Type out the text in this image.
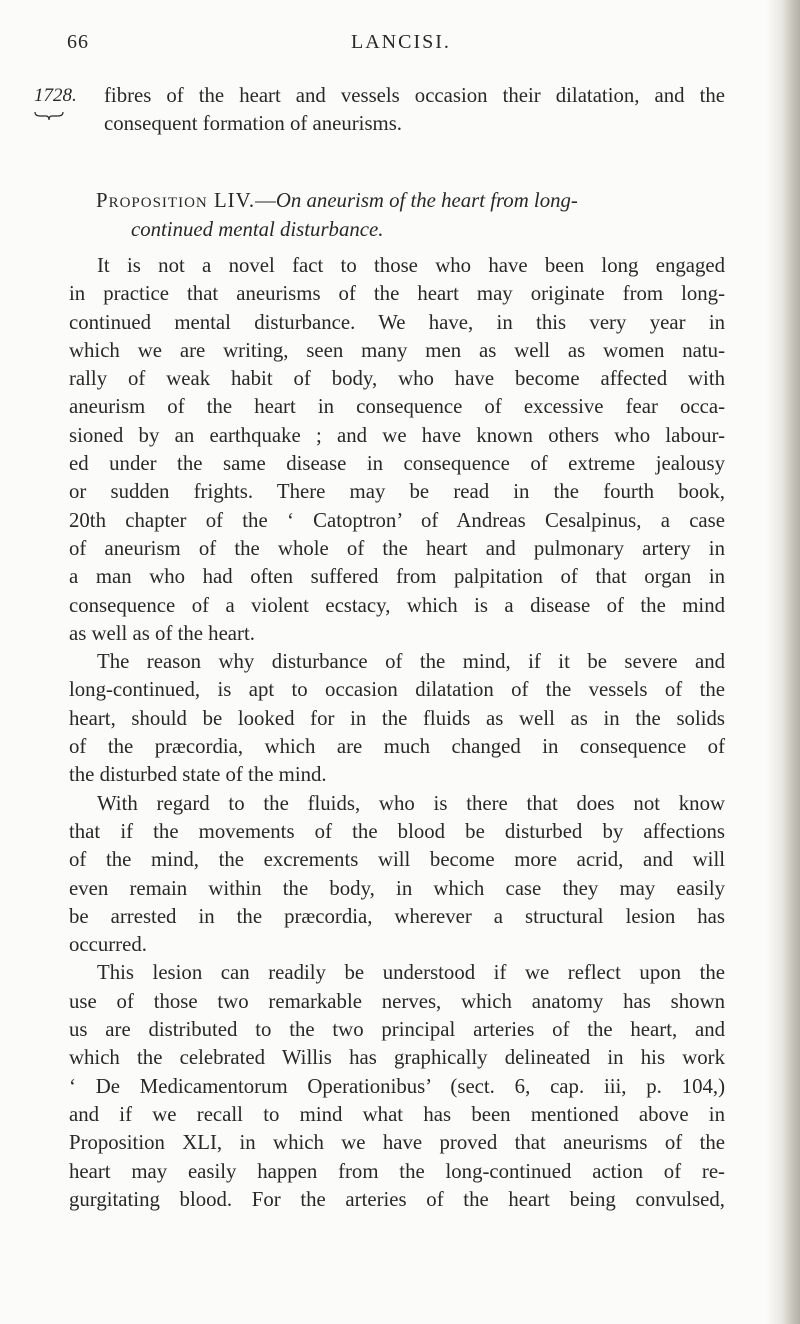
66	LANCISI.
1728.	fibres of the heart and vessels occasion their dilatation, and the
consequent formation of aneurisms.
Proposition LIV.—On aneurism of the heart from long-
continued mental disturbance.
It is not a novel fact to those who have been long engaged
in practice that aneurisms of the heart may originate from long-
continued mental disturbance. We have, in this very year in
which we are writing, seen many men as well as women natu-
rally of weak habit of body, who have become affected with
aneurism of the heart in consequence of excessive fear occa-
sioned by an earthquake ; and we have known others who labour-
ed under the same disease in consequence of extreme jealousy
or sudden frights. There may be read in the fourth book,
20th chapter of the ‘ Catoptron’ of Andreas Cesalpinus, a case
of aneurism of the whole of the heart and pulmonary artery in
a man who had often suffered from palpitation of that organ in
consequence of a violent ecstacy, which is a disease of the mind
as well as of the heart.
The reason why disturbance of the mind, if it be severe and
long-continued, is apt to occasion dilatation of the vessels of the
heart, should be looked for in the fluids as well as in the solids
of the præcordia, which are much changed in consequence of
the disturbed state of the mind.
With regard to the fluids, who is there that does not know
that if the movements of the blood be disturbed by affections
of the mind, the excrements will become more acrid, and will
even remain within the body, in which case they may easily
be arrested in the præcordia, wherever a structural lesion has
occurred.
This lesion can readily be understood if we reflect upon the
use of those two remarkable nerves, which anatomy has shown
us are distributed to the two principal arteries of the heart, and
which the celebrated Willis has graphically delineated in his work
‘ De Medicamentorum Operationibus’ (sect. 6, cap. iii, p. 104,)
and if we recall to mind what has been mentioned above in
Proposition XLI, in which we have proved that aneurisms of the
heart may easily happen from the long-continued action of re-
gurgitating blood. For the arteries of the heart being convulsed,
